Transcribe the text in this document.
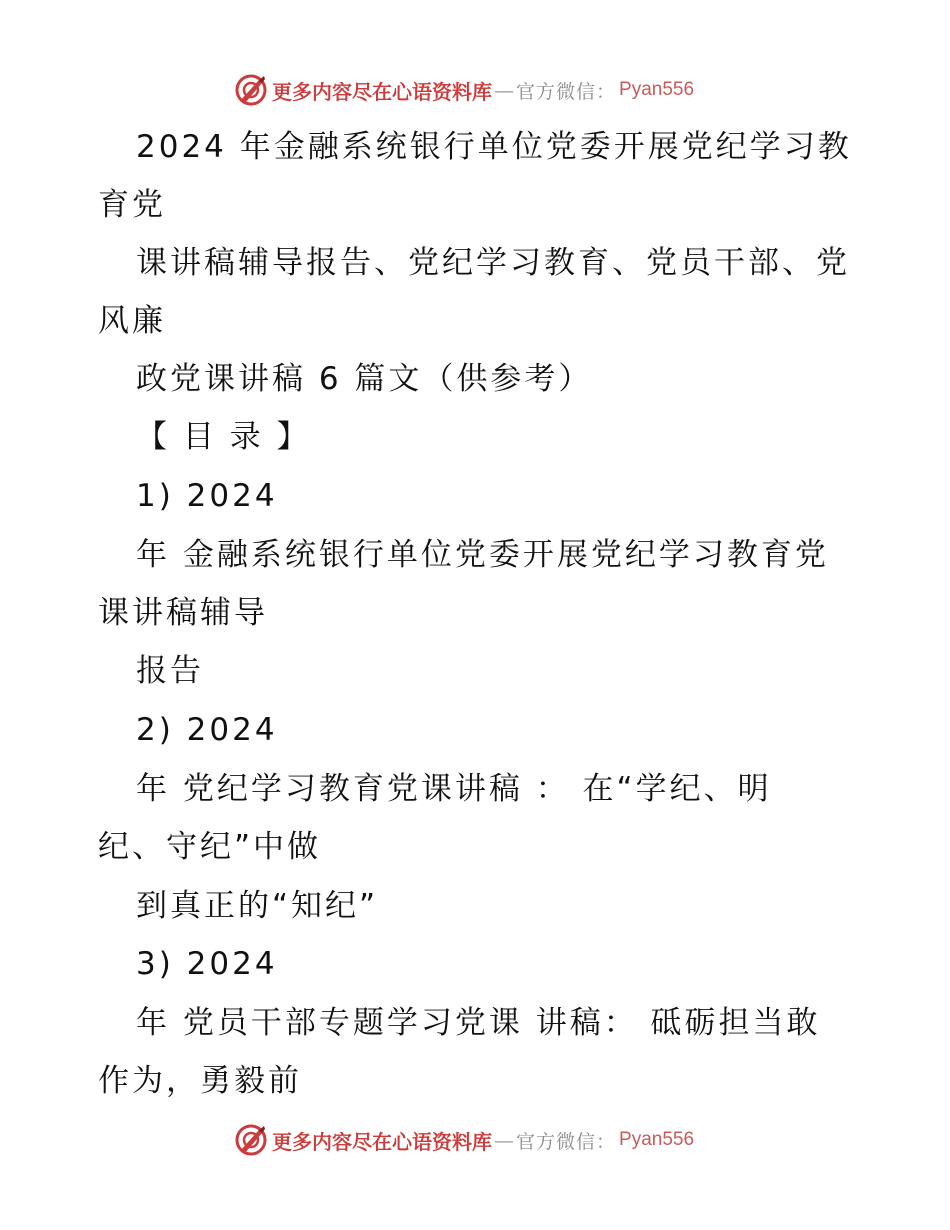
更多内容尽在心语资料库 — 官方微信 ： Pyan556
2024 年金融系统银行单位党委开展党纪学习教
育党
课讲稿辅导报告、党纪学习教育、党员干部、党
风廉
政党课讲稿 6 篇文（供参考）
【 目 录 】
1) 2024
年 金融系统银行单位党委开展党纪学习教育党
课讲稿辅导
报告
2) 2024
年 党纪学习教育党课讲稿 ： 在“学纪、明
纪、守纪”中做
到真正的“知纪”
3) 2024
年 党员干部专题学习党课 讲稿： 砥砺担当敢
作为，勇毅前
更多内容尽在心语资料库 — 官方微信 ： Pyan556
